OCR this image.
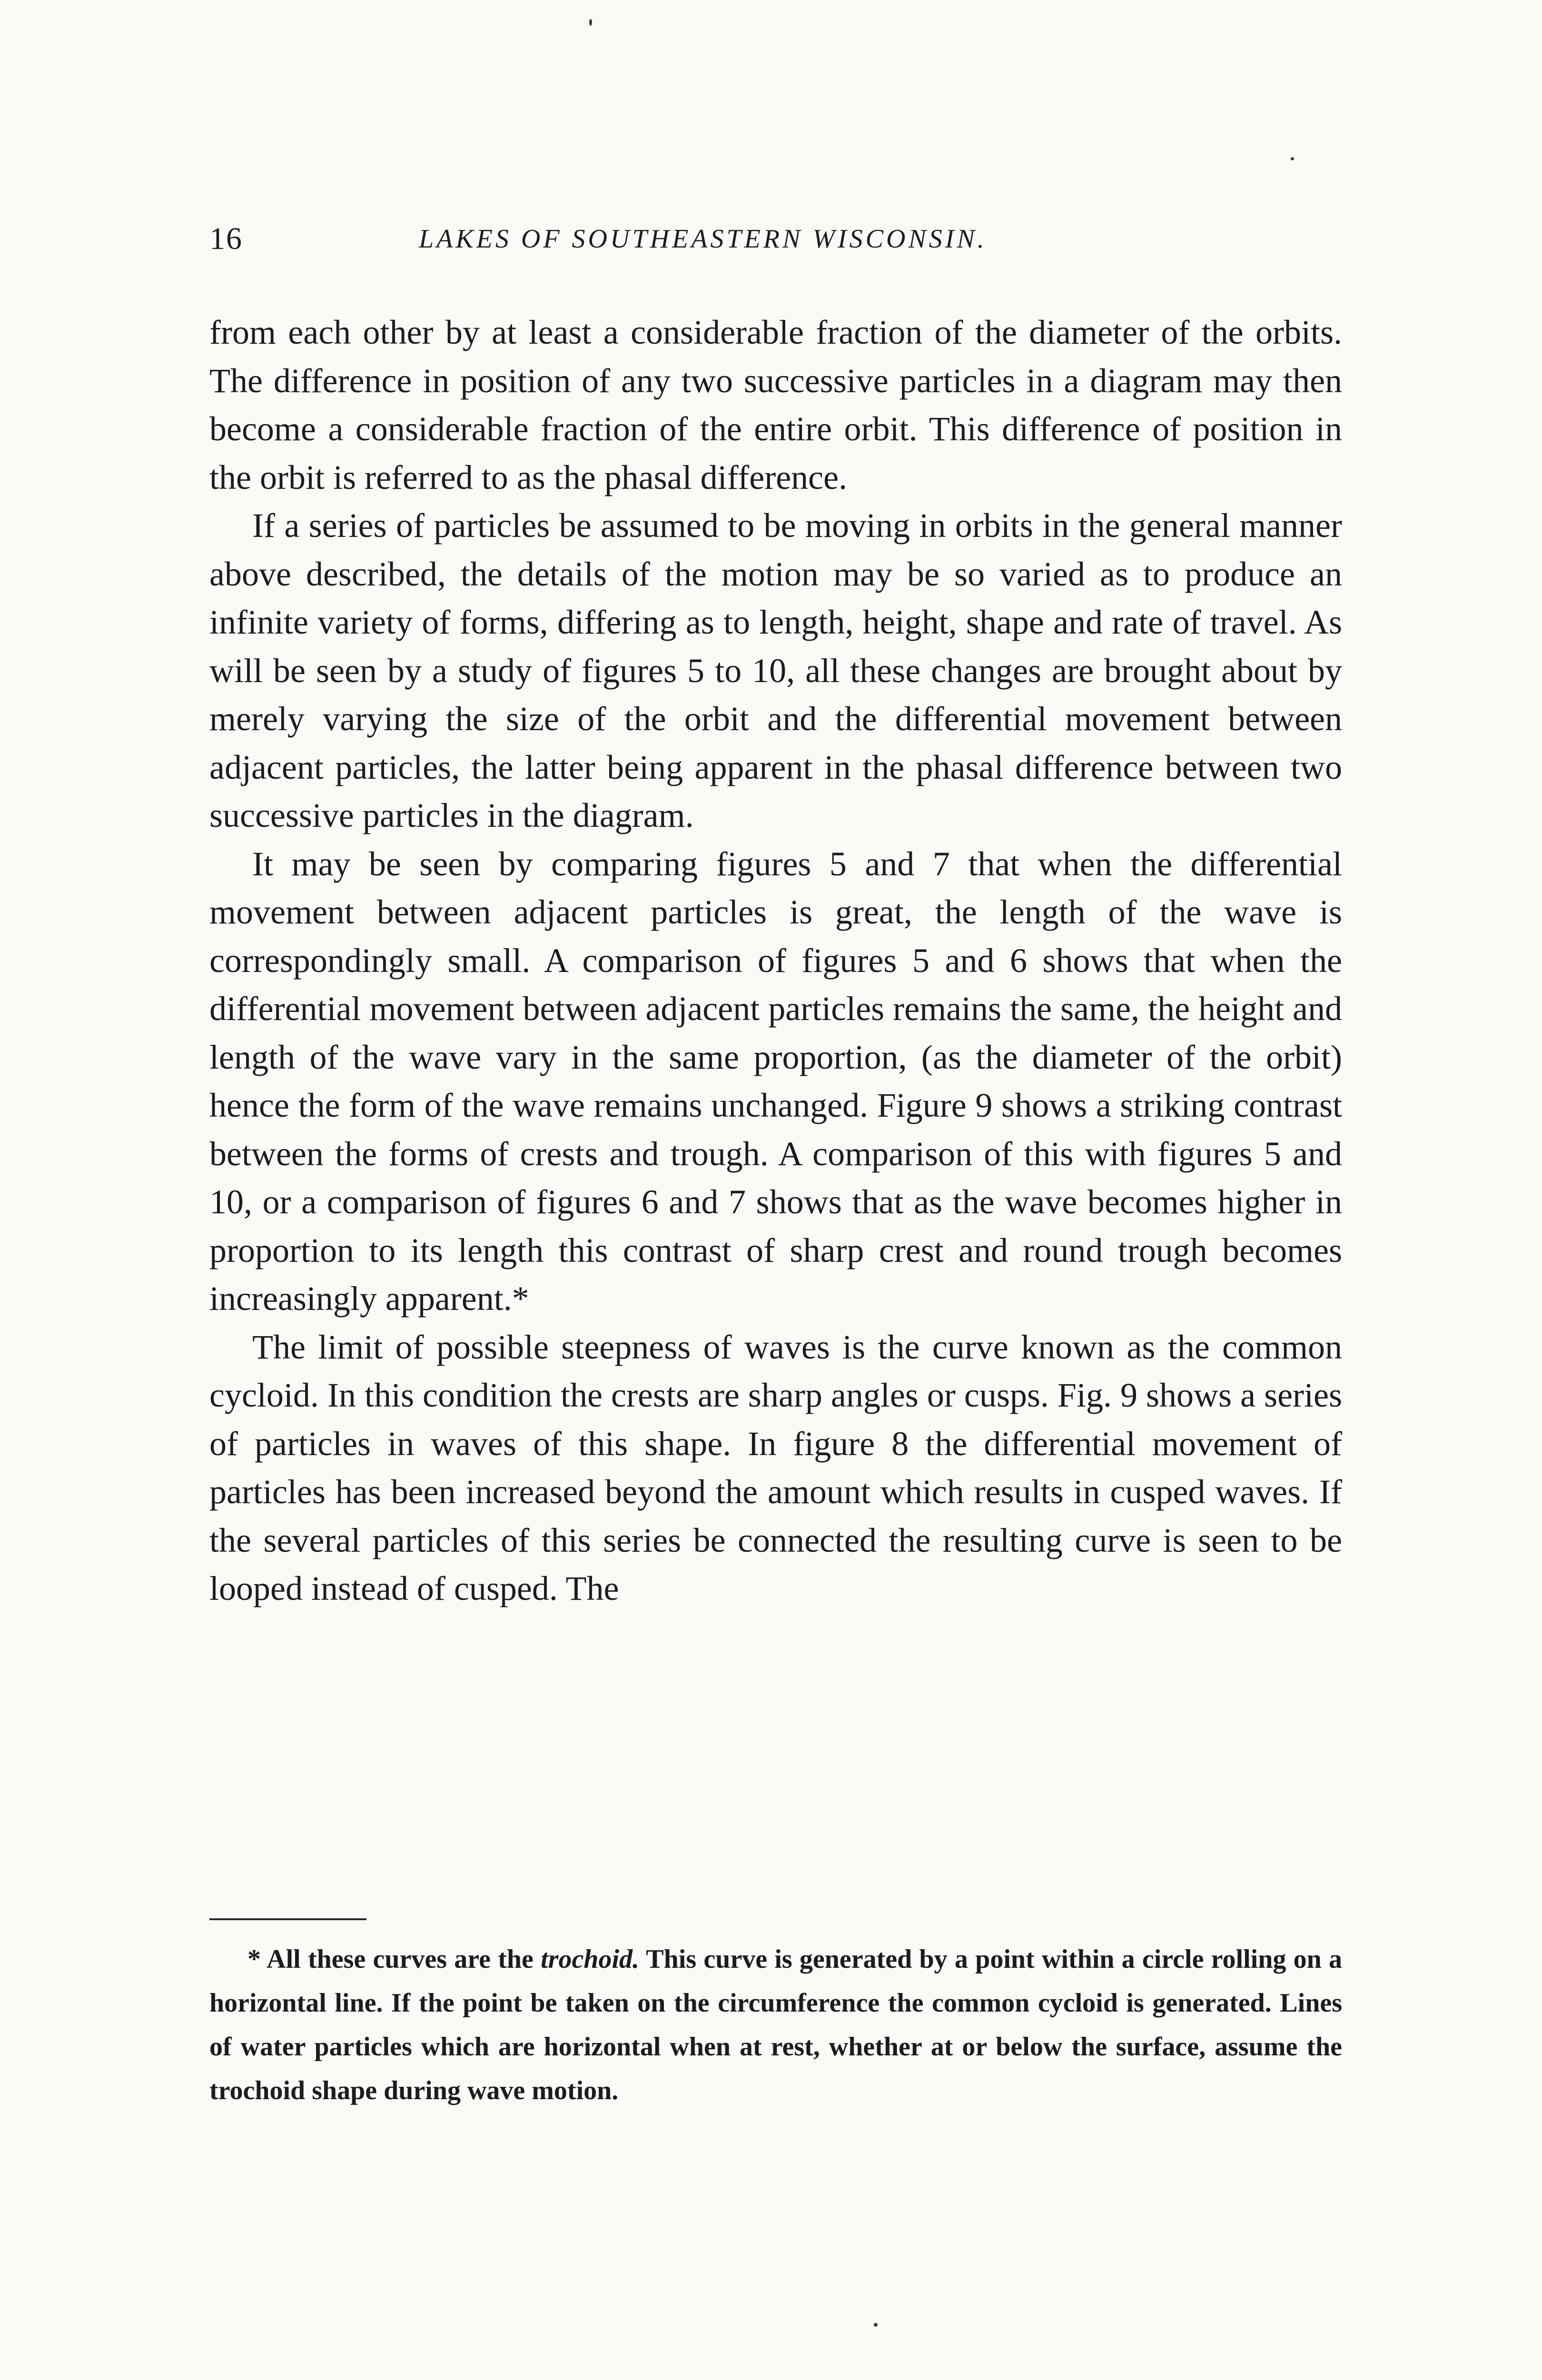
16	LAKES OF SOUTHEASTERN WISCONSIN.

from each other by at least a considerable fraction of the diameter of the orbits. The difference in position of any two successive particles in a diagram may then become a considerable fraction of the entire orbit. This difference of position in the orbit is referred to as the phasal difference.

If a series of particles be assumed to be moving in orbits in the general manner above described, the details of the motion may be so varied as to produce an infinite variety of forms, differing as to length, height, shape and rate of travel. As will be seen by a study of figures 5 to 10, all these changes are brought about by merely varying the size of the orbit and the differential movement between adjacent particles, the latter being apparent in the phasal difference between two successive particles in the diagram.

It may be seen by comparing figures 5 and 7 that when the differential movement between adjacent particles is great, the length of the wave is correspondingly small. A comparison of figures 5 and 6 shows that when the differential movement between adjacent particles remains the same, the height and length of the wave vary in the same proportion, (as the diameter of the orbit) hence the form of the wave remains unchanged. Figure 9 shows a striking contrast between the forms of crests and trough. A comparison of this with figures 5 and 10, or a comparison of figures 6 and 7 shows that as the wave becomes higher in proportion to its length this contrast of sharp crest and round trough becomes increasingly apparent.*

The limit of possible steepness of waves is the curve known as the common cycloid. In this condition the crests are sharp angles or cusps. Fig. 9 shows a series of particles in waves of this shape. In figure 8 the differential movement of particles has been increased beyond the amount which results in cusped waves. If the several particles of this series be connected the resulting curve is seen to be looped instead of cusped. The

* All these curves are the trochoid. This curve is generated by a point within a circle rolling on a horizontal line. If the point be taken on the circumference the common cycloid is generated. Lines of water particles which are horizontal when at rest, whether at or below the surface, assume the trochoid shape during wave motion.
